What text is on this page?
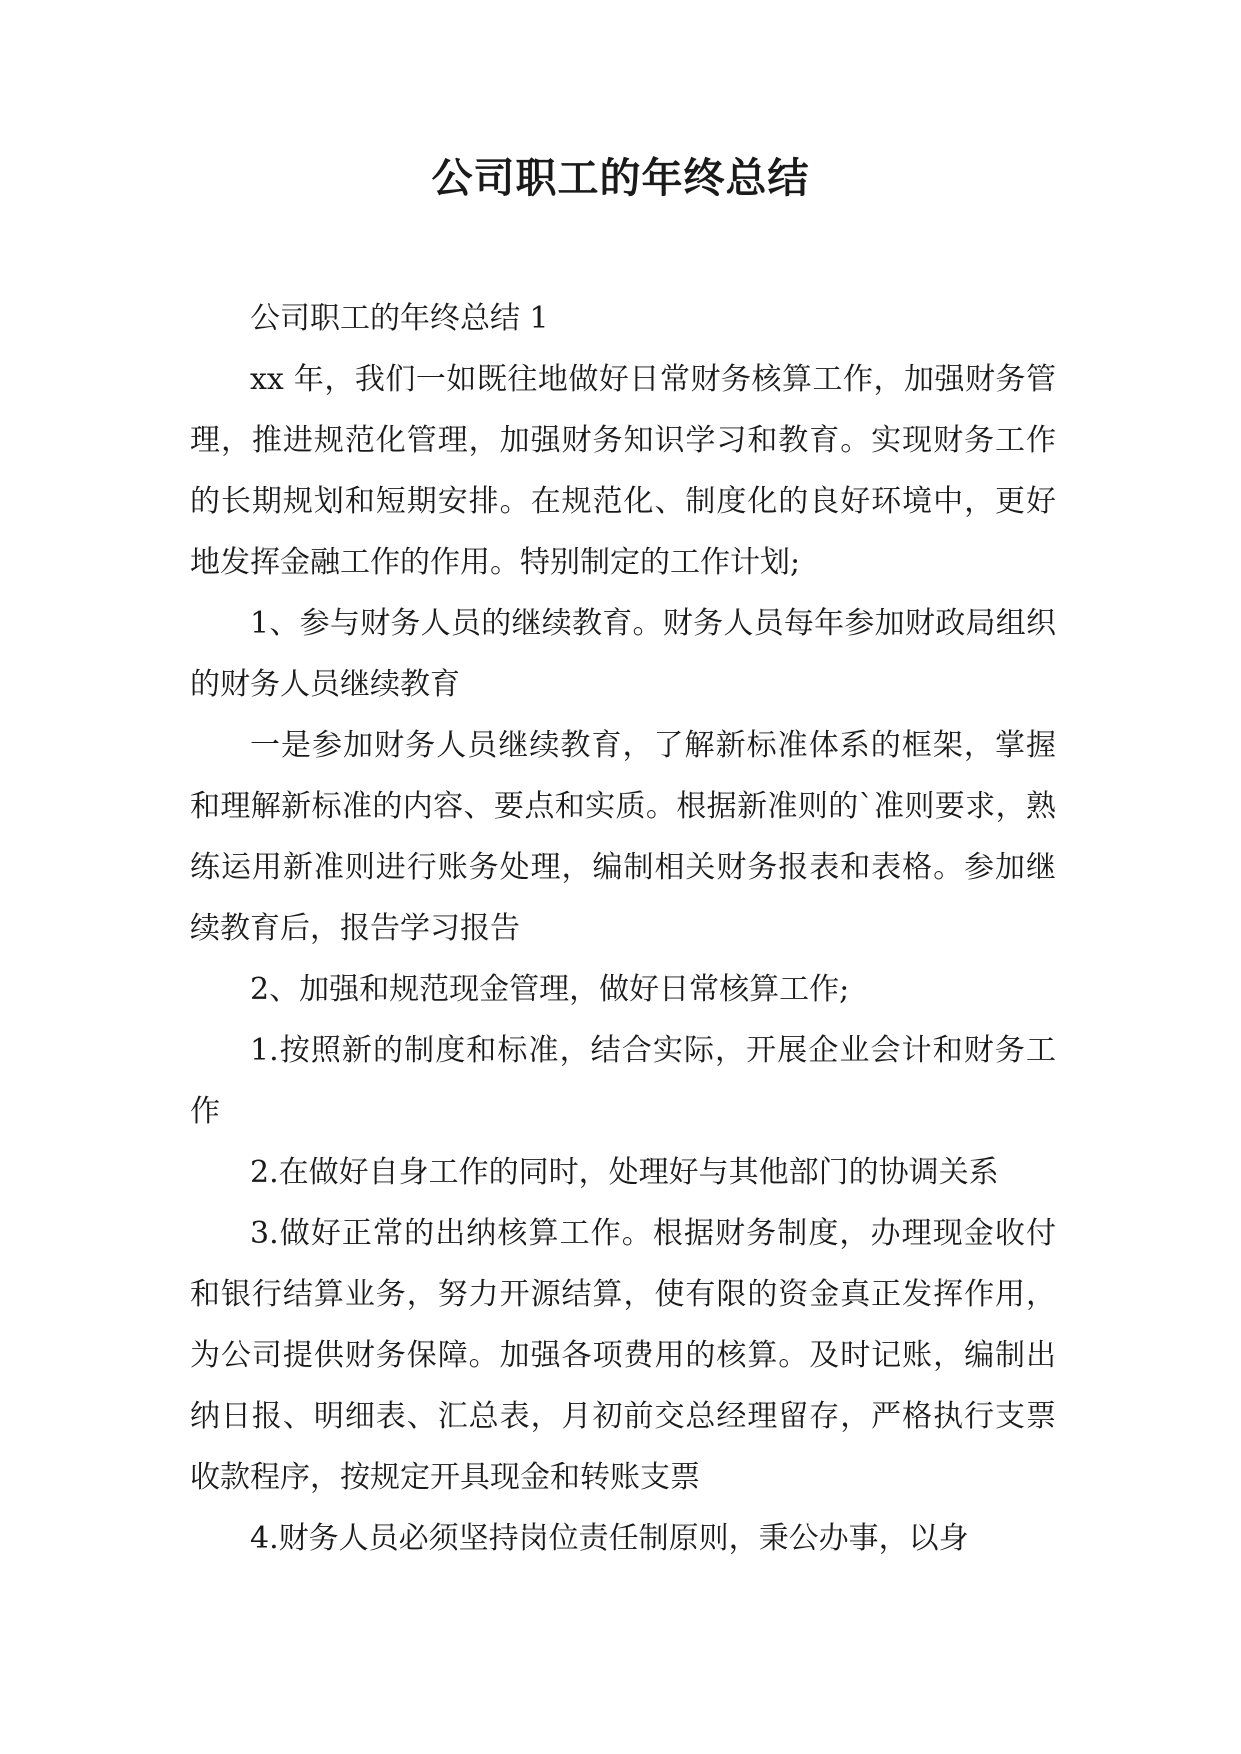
公司职工的年终总结

公司职工的年终总结 1

xx 年，我们一如既往地做好日常财务核算工作，加强财务管理，推进规范化管理，加强财务知识学习和教育。实现财务工作的长期规划和短期安排。在规范化、制度化的良好环境中，更好地发挥金融工作的作用。特别制定的工作计划;

1、参与财务人员的继续教育。财务人员每年参加财政局组织的财务人员继续教育

一是参加财务人员继续教育，了解新标准体系的框架，掌握和理解新标准的内容、要点和实质。根据新准则的`准则要求，熟练运用新准则进行账务处理，编制相关财务报表和表格。参加继续教育后，报告学习报告

2、加强和规范现金管理，做好日常核算工作;

1.按照新的制度和标准，结合实际，开展企业会计和财务工作

2.在做好自身工作的同时，处理好与其他部门的协调关系

3.做好正常的出纳核算工作。根据财务制度，办理现金收付和银行结算业务，努力开源结算，使有限的资金真正发挥作用，为公司提供财务保障。加强各项费用的核算。及时记账，编制出纳日报、明细表、汇总表，月初前交总经理留存，严格执行支票收款程序，按规定开具现金和转账支票

4.财务人员必须坚持岗位责任制原则，秉公办事，以身
